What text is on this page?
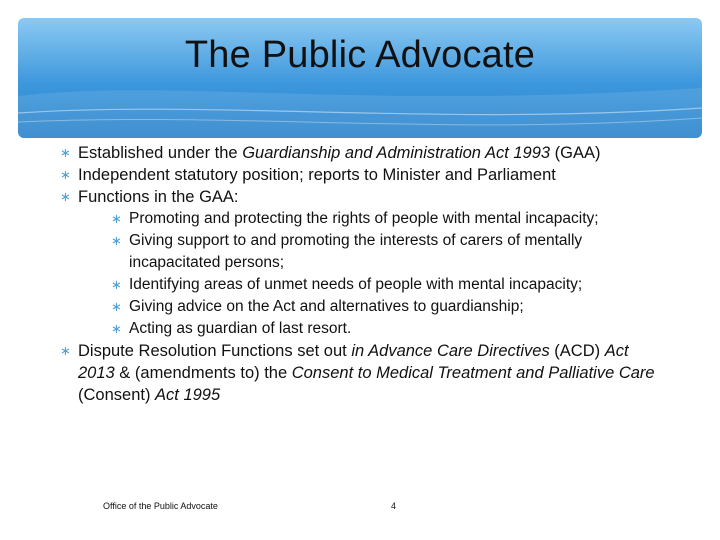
The Public Advocate
∗ Established under the Guardianship and Administration Act 1993 (GAA)
∗ Independent statutory position; reports to Minister and Parliament
∗ Functions in the GAA:
∗ Promoting and protecting the rights of people with mental incapacity;
∗ Giving support to and promoting the interests of carers of mentally incapacitated persons;
∗ Identifying areas of unmet needs of people with mental incapacity;
∗ Giving advice on the Act and alternatives to guardianship;
∗ Acting as guardian of last resort.
∗ Dispute Resolution Functions set out in Advance Care Directives (ACD) Act 2013 & (amendments to) the Consent to Medical Treatment and Palliative Care (Consent) Act 1995
Office of the Public Advocate	4
